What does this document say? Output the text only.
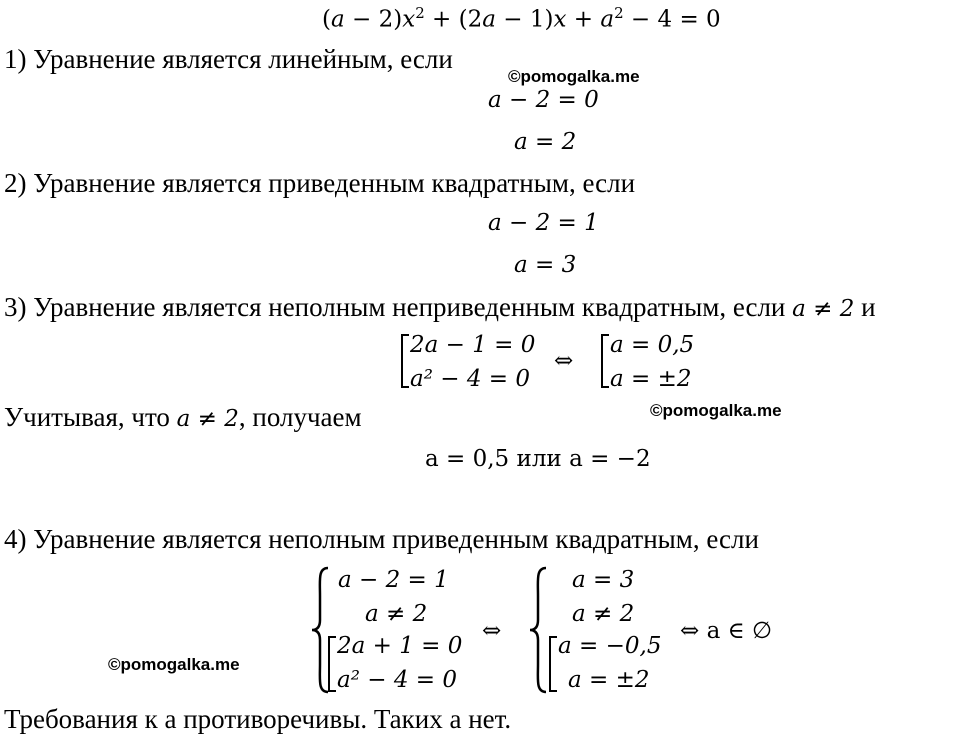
$(a - 2)x^2 + (2a - 1)x + a^2 - 4 = 0$
1) Уравнение является линейным, если
©pomogalka.me
a − 2 = 0
a = 2
2) Уравнение является приведенным квадратным, если
a − 2 = 1
a = 3
3) Уравнение является неполным неприведенным квадратным, если a ≠ 2 и
2a − 1 = 0
a² − 4 = 0
⇔
a = 0,5
a = ±2
Учитывая, что a ≠ 2, получаем	©pomogalka.me
a = 0,5 или a = −2
4) Уравнение является неполным приведенным квадратным, если
a − 2 = 1
a ≠ 2
2a + 1 = 0
a² − 4 = 0
⇔
a = 3
a ≠ 2
a = −0,5
a = ±2
⇔ a ∈ ∅
©pomogalka.me
Требования к a противоречивы. Таких a нет.
